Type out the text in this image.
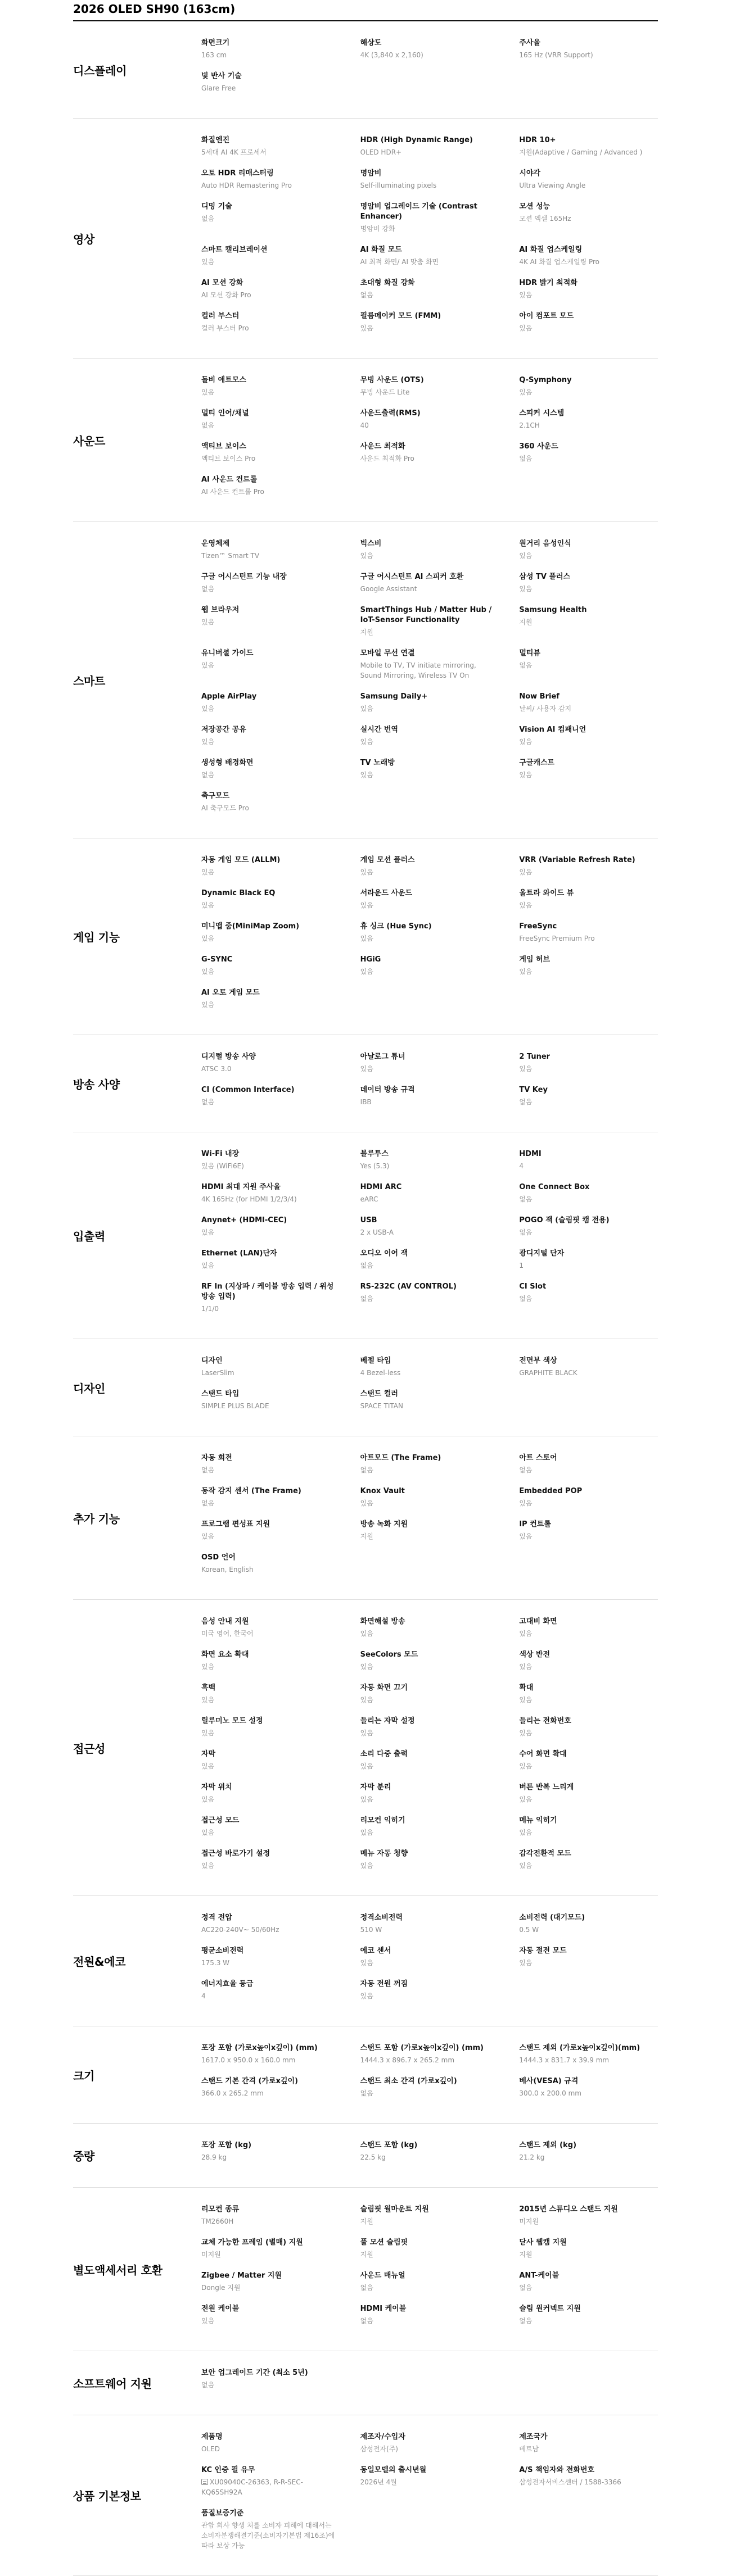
2026 OLED SH90 (163cm)
디스플레이
화면크기
163 cm
해상도
4K (3,840 x 2,160)
주사율
165 Hz (VRR Support)
빛 반사 기술
Glare Free
영상
화질엔진
5세대 AI 4K 프로세서
HDR (High Dynamic Range)
OLED HDR+
HDR 10+
지원(Adaptive / Gaming / Advanced )
오토 HDR 리매스터링
Auto HDR Remastering Pro
명암비
Self-illuminating pixels
시야각
Ultra Viewing Angle
디밍 기술
없음
명암비 업그레이드 기술 (Contrast Enhancer)
명암비 강화
모션 성능
모션 엑셀 165Hz
스마트 캘리브레이션
있음
AI 화질 모드
AI 최적 화면/ AI 맞춤 화면
AI 화질 업스케일링
4K AI 화질 업스케일링 Pro
AI 모션 강화
AI 모션 강화 Pro
초대형 화질 강화
없음
HDR 밝기 최적화
있음
컬러 부스터
컬러 부스터 Pro
필름메이커 모드 (FMM)
있음
아이 컴포트 모드
있음
사운드
돌비 애트모스
있음
무빙 사운드 (OTS)
무빙 사운드 Lite
Q-Symphony
있음
멀티 인어/채널
없음
사운드출력(RMS)
40
스피커 시스템
2.1CH
액티브 보이스
액티브 보이스 Pro
사운드 최적화
사운드 최적화 Pro
360 사운드
없음
AI 사운드 컨트롤
AI 사운드 컨트롤 Pro
스마트
운영체제
Tizen™ Smart TV
빅스비
있음
원거리 음성인식
있음
구글 어시스턴트 기능 내장
없음
구글 어시스턴트 AI 스피커 호환
Google Assistant
삼성 TV 플러스
있음
웹 브라우저
있음
SmartThings Hub / Matter Hub / IoT-Sensor Functionality
지원
Samsung Health
지원
유니버셜 가이드
있음
모바일 무선 연결
Mobile to TV, TV initiate mirroring, Sound Mirroring, Wireless TV On
멀티뷰
없음
Apple AirPlay
있음
Samsung Daily+
있음
Now Brief
날씨/ 사용자 감지
저장공간 공유
있음
실시간 번역
있음
Vision AI 컴패니언
있음
생성형 배경화면
없음
TV 노래방
있음
구글캐스트
있음
축구모드
AI 축구모드 Pro
게임 기능
자동 게임 모드 (ALLM)
있음
게임 모션 플러스
있음
VRR (Variable Refresh Rate)
있음
Dynamic Black EQ
있음
서라운드 사운드
있음
울트라 와이드 뷰
있음
미니맵 줌(MiniMap Zoom)
있음
휴 싱크 (Hue Sync)
있음
FreeSync
FreeSync Premium Pro
G-SYNC
있음
HGiG
있음
게임 허브
있음
AI 오토 게임 모드
있음
방송 사양
디지털 방송 사양
ATSC 3.0
아날로그 튜너
있음
2 Tuner
있음
CI (Common Interface)
없음
데이터 방송 규격
IBB
TV Key
없음
입출력
Wi-Fi 내장
있음 (WiFi6E)
블루투스
Yes (5.3)
HDMI
4
HDMI 최대 지원 주사율
4K 165Hz (for HDMI 1/2/3/4)
HDMI ARC
eARC
One Connect Box
없음
Anynet+ (HDMI-CEC)
있음
USB
2 x USB-A
POGO 잭 (슬림핏 캠 전용)
없음
Ethernet (LAN)단자
있음
오디오 이어 잭
없음
광디지털 단자
1
RF In (지상파 / 케이블 방송 입력 / 위성 방송 입력)
1/1/0
RS-232C (AV CONTROL)
없음
CI Slot
없음
디자인
디자인
LaserSlim
베젤 타입
4 Bezel-less
전면부 색상
GRAPHITE BLACK
스탠드 타입
SIMPLE PLUS BLADE
스탠드 컬러
SPACE TITAN
추가 기능
자동 회전
없음
아트모드 (The Frame)
없음
아트 스토어
없음
동작 감지 센서 (The Frame)
없음
Knox Vault
있음
Embedded POP
있음
프로그램 편성표 지원
있음
방송 녹화 지원
지원
IP 컨트롤
있음
OSD 언어
Korean, English
접근성
음성 안내 지원
미국 영어, 한국어
화면해설 방송
있음
고대비 화면
있음
화면 요소 확대
있음
SeeColors 모드
있음
색상 반전
있음
흑백
있음
자동 화면 끄기
있음
확대
있음
릴루미노 모드 설정
있음
들리는 자막 설정
있음
들리는 전화번호
있음
자막
있음
소리 다중 출력
있음
수어 화면 확대
있음
자막 위치
있음
자막 분리
있음
버튼 반복 느리게
있음
접근성 모드
있음
리모컨 익히기
있음
메뉴 익히기
있음
접근성 바로가기 설정
있음
메뉴 자동 청향
있음
감각전환적 모드
있음
전원&에코
정격 전압
AC220-240V~ 50/60Hz
정격소비전력
510 W
소비전력 (대기모드)
0.5 W
평균소비전력
175.3 W
에코 센서
있음
자동 절전 모드
있음
에너지효율 등급
4
자동 전원 꺼짐
있음
크기
포장 포함 (가로x높이x깊이) (mm)
1617.0 x 950.0 x 160.0 mm
스탠드 포함 (가로x높이x깊이) (mm)
1444.3 x 896.7 x 265.2 mm
스탠드 제외 (가로x높이x깊이)(mm)
1444.3 x 831.7 x 39.9 mm
스탠드 기본 간격 (가로x깊이)
366.0 x 265.2 mm
스탠드 최소 간격 (가로x깊이)
없음
베사(VESA) 규격
300.0 x 200.0 mm
중량
포장 포함 (kg)
28.9 kg
스탠드 포함 (kg)
22.5 kg
스탠드 제외 (kg)
21.2 kg
별도액세서리 호환
리모컨 종류
TM2660H
슬림핏 월마운트 지원
지원
2015년 스튜디오 스탠드 지원
미지원
교체 가능한 프레임 (별매) 지원
미지원
풀 모션 슬림핏
지원
닫사 웹캠 지원
지원
Zigbee / Matter 지원
Dongle 지원
사운드 매뉴얼
없음
ANT-케이블
없음
전원 케이블
있음
HDMI 케이블
없음
슬림 원커넥트 지원
없음
소프트웨어 지원
보안 업그레이드 기간 (최소 5년)
없음
상품 기본정보
제품명
OLED
제조자/수입자
삼성전자(주)
제조국가
베트남
KC 인증 필 유무
XU09040C-26363, R-R-SEC-KQ65SH92A
동일모델의 출시년월
2026년 4월
A/S 책임자와 전화번호
삼성전자서비스센터 / 1588-3366
품질보증기준
관합 회사 향생 처를 소비자 피해에 대해서는 소비자분쟁해결기준(소비자기본법 제16조)에 따라 보상 가능
